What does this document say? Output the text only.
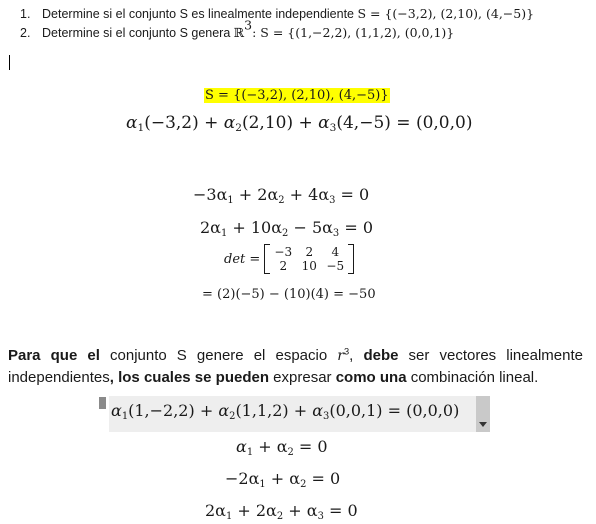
1. Determine si el conjunto S es linealmente independiente S = {(−3,2), (2,10), (4,−5)}
2. Determine si el conjunto S genera ℝ$^3$: S = {(1,−2,2), (1,1,2), (0,0,1)}
S = {(−3,2), (2,10), (4,−5)}
$\alpha_1(-3,2) + \alpha_2(2,10) + \alpha_3(4,-5) = (0,0,0)$
$-3\alpha_1 + 2\alpha_2 + 4\alpha_3 = 0$
$2\alpha_1 + 10\alpha_2 - 5\alpha_3 = 0$
det = −3	2	4
2	10 −5
= (2)(−5) − (10)(4) = −50
Para que el conjunto S genere el espacio $r^3$, debe ser vectores linealmente independientes, los cuales se pueden expresar como una combinación lineal.
$\alpha_1(1,-2,2) + \alpha_2(1,1,2) + \alpha_3(0,0,1) = (0,0,0)$
$\alpha_1 + \alpha_2 = 0$
$-2\alpha_1 + \alpha_2 = 0$
$2\alpha_1 + 2\alpha_2 + \alpha_3 = 0$
